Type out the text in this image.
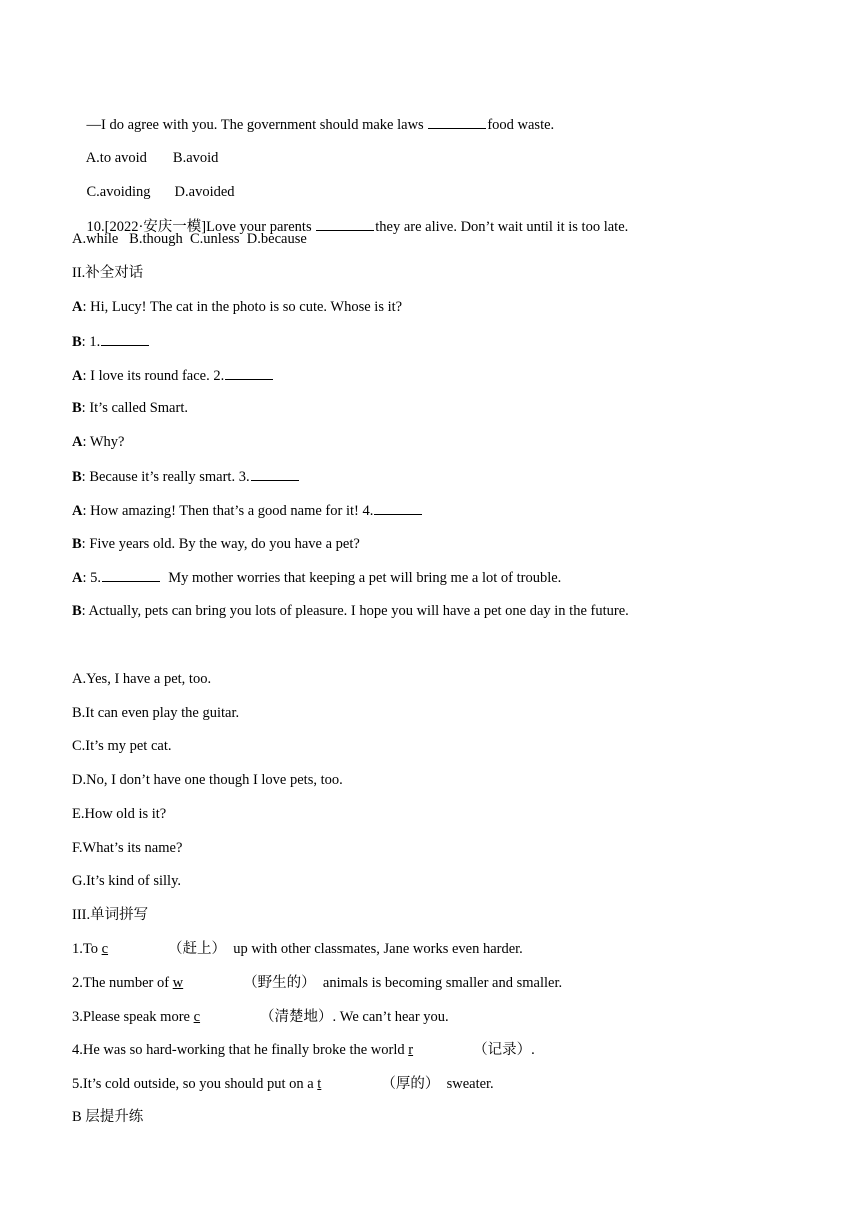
—I do agree with you. The government should make laws	food waste.

A.to avoid B.avoid

C.avoiding D.avoided

10.[2022·安庆一模]Love your parents	they are alive. Don’t wait until it is too late.

A.while   B.though  C.unless  D.because
II.补全对话
A: Hi, Lucy! The cat in the photo is so cute. Whose is it?
B: 1.
A: I love its round face. 2.
B: It’s called Smart.
A: Why?
B: Because it’s really smart. 3.
A: How amazing! Then that’s a good name for it! 4.
B: Five years old. By the way, do you have a pet?
A: 5.	My mother worries that keeping a pet will bring me a lot of trouble.
B: Actually, pets can bring you lots of pleasure. I hope you will have a pet one day in the future.
A.Yes, I have a pet, too.
B.It can even play the guitar.
C.It’s my pet cat.
D.No, I don’t have one though I love pets, too.
E.How old is it?
F.What’s its name?
G.It’s kind of silly.
III.单词拼写
1.To c	（赶上）  up with other classmates, Jane works even harder.
2.The number of w	（野生的）  animals is becoming smaller and smaller.
3.Please speak more c	（清楚地）. We can’t hear you.
4.He was so hard-working that he finally broke the world r	（记录）.
5.It’s cold outside, so you should put on a t	（厚的）  sweater.
B 层提升练
